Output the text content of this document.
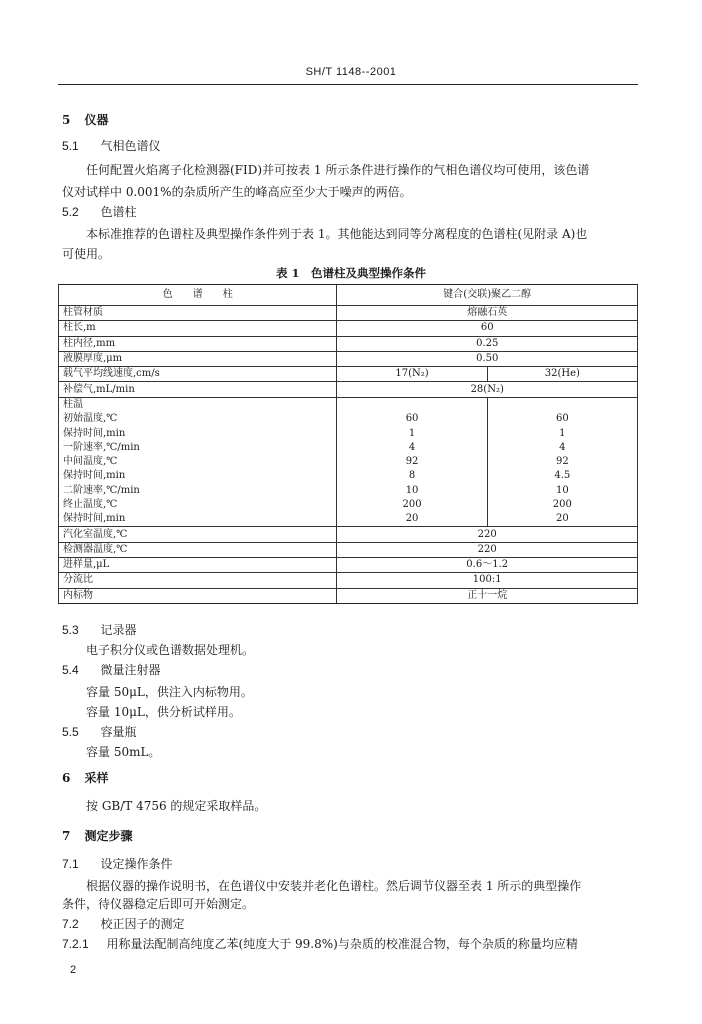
SH/T 1148--2001
5 仪器
5.1 气相色谱仪
任何配置火焰离子化检测器(FID)并可按表 1 所示条件进行操作的气相色谱仪均可使用，该色谱
仪对试样中 0.001%的杂质所产生的峰高应至少大于噪声的两倍。
5.2 色谱柱
本标准推荐的色谱柱及典型操作条件列于表 1。其他能达到同等分离程度的色谱柱(见附录 A)也
可使用。
表 1　色谱柱及典型操作条件
色　　谱　　柱	键合(交联)聚乙二醇	
柱管材质	熔融石英	
柱长,m	60	
柱内径,mm	0.25	
液膜厚度,μm	0.50	
载气平均线速度,cm/s	17(N₂)	32(He)
补偿气,mL/min	28(N₂)	
柱温		
初始温度,℃	60	60
保持时间,min	1	1
一阶速率,℃/min	4	4
中间温度,℃	92	92
保持时间,min	8	4.5
二阶速率,℃/min	10	10
终止温度,℃	200	200
保持时间,min	20	20
汽化室温度,℃	220	
检测器温度,℃	220	
进样量,μL	0.6～1.2	
分流比	100:1	
内标物	正十一烷	
5.3 记录器
电子积分仪或色谱数据处理机。
5.4 微量注射器
容量 50μL，供注入内标物用。
容量 10μL，供分析试样用。
5.5 容量瓶
容量 50mL。
6 采样
按 GB/T 4756 的规定采取样品。
7 测定步骤
7.1 设定操作条件
根据仪器的操作说明书，在色谱仪中安装并老化色谱柱。然后调节仪器至表 1 所示的典型操作
条件，待仪器稳定后即可开始测定。
7.2 校正因子的测定
7.2.1 用称量法配制高纯度乙苯(纯度大于 99.8%)与杂质的校准混合物，每个杂质的称量均应精
2
